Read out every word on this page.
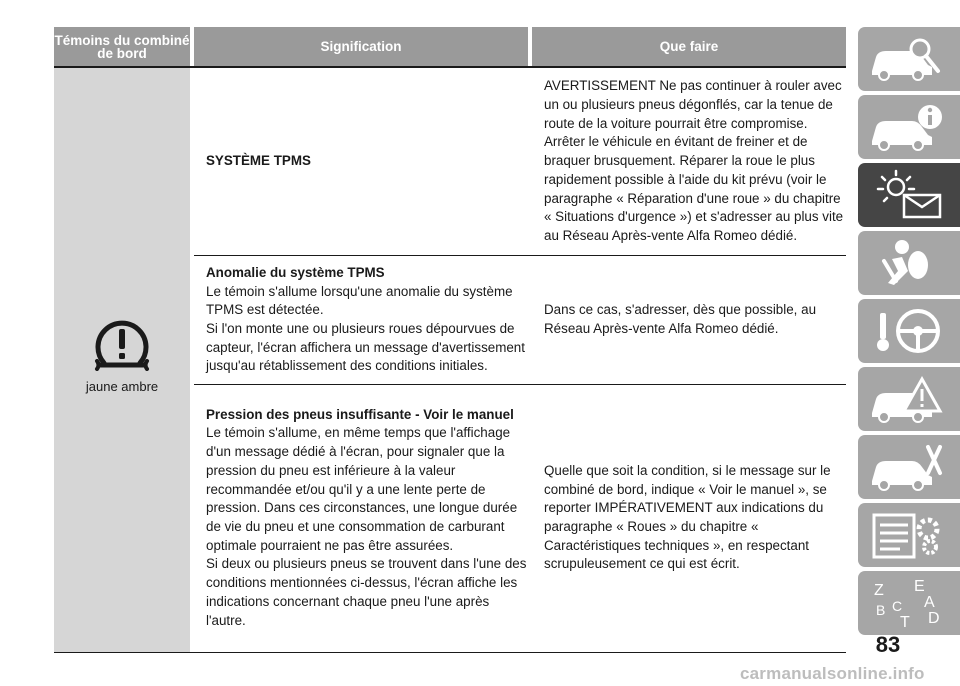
Témoins du combiné de bord	Signification	Que faire
jaune ambre

SYSTÈME TPMS

AVERTISSEMENT Ne pas continuer à rouler avec un ou plusieurs pneus dégonflés, car la tenue de route de la voiture pourrait être compromise. Arrêter le véhicule en évitant de freiner et de braquer brusquement. Réparer la roue le plus rapidement possible à l'aide du kit prévu (voir le paragraphe « Réparation d'une roue » du chapitre « Situations d'urgence ») et s'adresser au plus vite au Réseau Après-vente Alfa Romeo dédié.

Anomalie du système TPMS

Le témoin s'allume lorsqu'une anomalie du système TPMS est détectée.

Si l'on monte une ou plusieurs roues dépourvues de capteur, l'écran affichera un message d'avertissement jusqu'au rétablissement des conditions initiales.

Dans ce cas, s'adresser, dès que possible, au Réseau Après-vente Alfa Romeo dédié.

Pression des pneus insuffisante - Voir le manuel

Le témoin s'allume, en même temps que l'affichage d'un message dédié à l'écran, pour signaler que la pression du pneu est inférieure à la valeur recommandée et/ou qu'il y a une lente perte de pression. Dans ces circonstances, une longue durée de vie du pneu et une consommation de carburant optimale pourraient ne pas être assurées.

Si deux ou plusieurs pneus se trouvent dans l'une des conditions mentionnées ci-dessus, l'écran affiche les indications concernant chaque pneu l'une après l'autre.

Quelle que soit la condition, si le message sur le combiné de bord, indique « Voir le manuel », se reporter IMPÉRATIVEMENT aux indications du paragraphe « Roues » du chapitre « Caractéristiques techniques », en respectant scrupuleusement ce qui est écrit.

Z E
A
B C
T D
83
carmanualsonline.info
